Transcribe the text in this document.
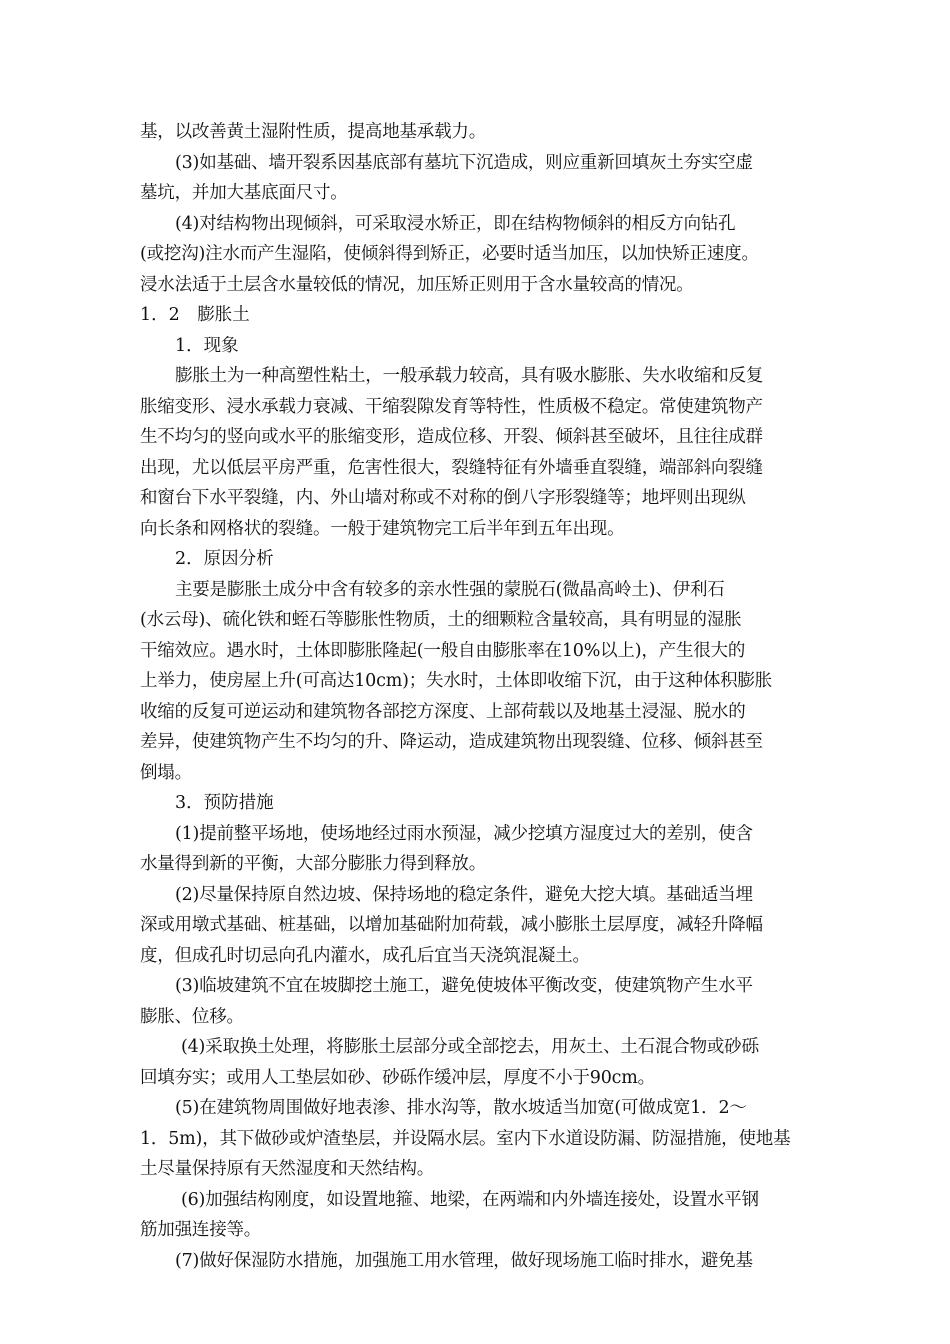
基，以改善黄土湿附性质，提高地基承载力。
(3)如基础、墙开裂系因基底部有墓坑下沉造成，则应重新回填灰土夯实空虚
墓坑，并加大基底面尺寸。
(4)对结构物出现倾斜，可采取浸水矫正，即在结构物倾斜的相反方向钻孔
(或挖沟)注水而产生湿陷，使倾斜得到矫正，必要时适当加压，以加快矫正速度。
浸水法适于土层含水量较低的情况，加压矫正则用于含水量较高的情况。
1．2　膨胀土
1．现象
膨胀土为一种高塑性粘土，一般承载力较高，具有吸水膨胀、失水收缩和反复
胀缩变形、浸水承载力衰减、干缩裂隙发育等特性，性质极不稳定。常使建筑物产
生不均匀的竖向或水平的胀缩变形，造成位移、开裂、倾斜甚至破坏，且往往成群
出现，尤以低层平房严重，危害性很大，裂缝特征有外墙垂直裂缝，端部斜向裂缝
和窗台下水平裂缝，内、外山墙对称或不对称的倒八字形裂缝等；地坪则出现纵
向长条和网格状的裂缝。一般于建筑物完工后半年到五年出现。
2．原因分析
主要是膨胀土成分中含有较多的亲水性强的蒙脱石(微晶高岭土)、伊利石
(水云母)、硫化铁和蛭石等膨胀性物质，土的细颗粒含量较高，具有明显的湿胀
干缩效应。遇水时，土体即膨胀隆起(一般自由膨胀率在10%以上)，产生很大的
上举力，使房屋上升(可高达10cm)；失水时，土体即收缩下沉，由于这种体积膨胀
收缩的反复可逆运动和建筑物各部挖方深度、上部荷载以及地基土浸湿、脱水的
差异，使建筑物产生不均匀的升、降运动，造成建筑物出现裂缝、位移、倾斜甚至
倒塌。
3．预防措施
(1)提前整平场地，使场地经过雨水预湿，减少挖填方湿度过大的差别，使含
水量得到新的平衡，大部分膨胀力得到释放。
(2)尽量保持原自然边坡、保持场地的稳定条件，避免大挖大填。基础适当埋
深或用墩式基础、桩基础，以增加基础附加荷载，减小膨胀土层厚度，减轻升降幅
度，但成孔时切忌向孔内灌水，成孔后宜当天浇筑混凝土。
(3)临坡建筑不宜在坡脚挖土施工，避免使坡体平衡改变，使建筑物产生水平
膨胀、位移。
(4)采取换土处理，将膨胀土层部分或全部挖去，用灰土、土石混合物或砂砾
回填夯实；或用人工垫层如砂、砂砾作缓冲层，厚度不小于90cm。
(5)在建筑物周围做好地表渗、排水沟等，散水坡适当加宽(可做成宽1．2～
1．5m)，其下做砂或炉渣垫层，并设隔水层。室内下水道设防漏、防湿措施，使地基
土尽量保持原有天然湿度和天然结构。
(6)加强结构刚度，如设置地箍、地梁，在两端和内外墙连接处，设置水平钢
筋加强连接等。
(7)做好保湿防水措施，加强施工用水管理，做好现场施工临时排水，避免基
